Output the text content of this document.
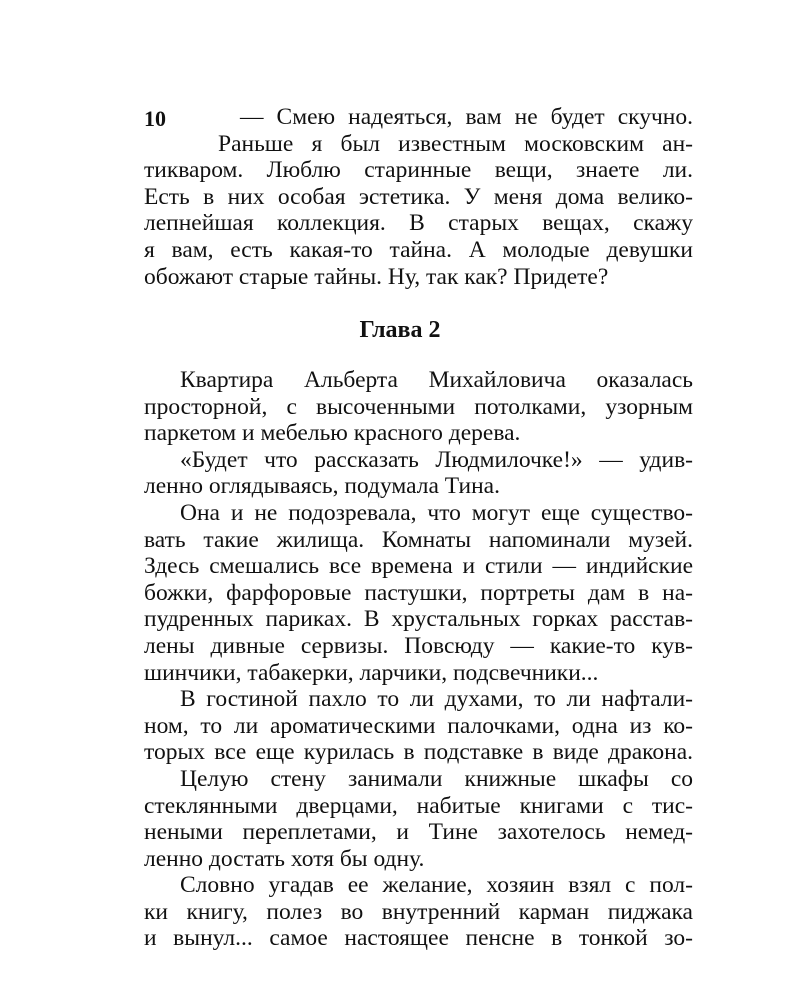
10	— Смею надеяться, вам не будет скучно.
Раньше я был известным московским ан-
тикваром. Люблю старинные вещи, знаете ли.
Есть в них особая эстетика. У меня дома велико-
лепнейшая коллекция. В старых вещах, скажу
я вам, есть какая-то тайна. А молодые девушки
обожают старые тайны. Ну, так как? Придете?
Глава 2
Квартира Альберта Михайловича оказалась
просторной, с высоченными потолками, узорным
паркетом и мебелью красного дерева.
«Будет что рассказать Людмилочке!» — удив-
ленно оглядываясь, подумала Тина.
Она и не подозревала, что могут еще существо-
вать такие жилища. Комнаты напоминали музей.
Здесь смешались все времена и стили — индийские
божки, фарфоровые пастушки, портреты дам в на-
пудренных париках. В хрустальных горках расстав-
лены дивные сервизы. Повсюду — какие-то кув-
шинчики, табакерки, ларчики, подсвечники...
В гостиной пахло то ли духами, то ли нафтали-
ном, то ли ароматическими палочками, одна из ко-
торых все еще курилась в подставке в виде дракона.
Целую стену занимали книжные шкафы со
стеклянными дверцами, набитые книгами с тис-
неными переплетами, и Тине захотелось немед-
ленно достать хотя бы одну.
Словно угадав ее желание, хозяин взял с пол-
ки книгу, полез во внутренний карман пиджака
и вынул... самое настоящее пенсне в тонкой зо-
